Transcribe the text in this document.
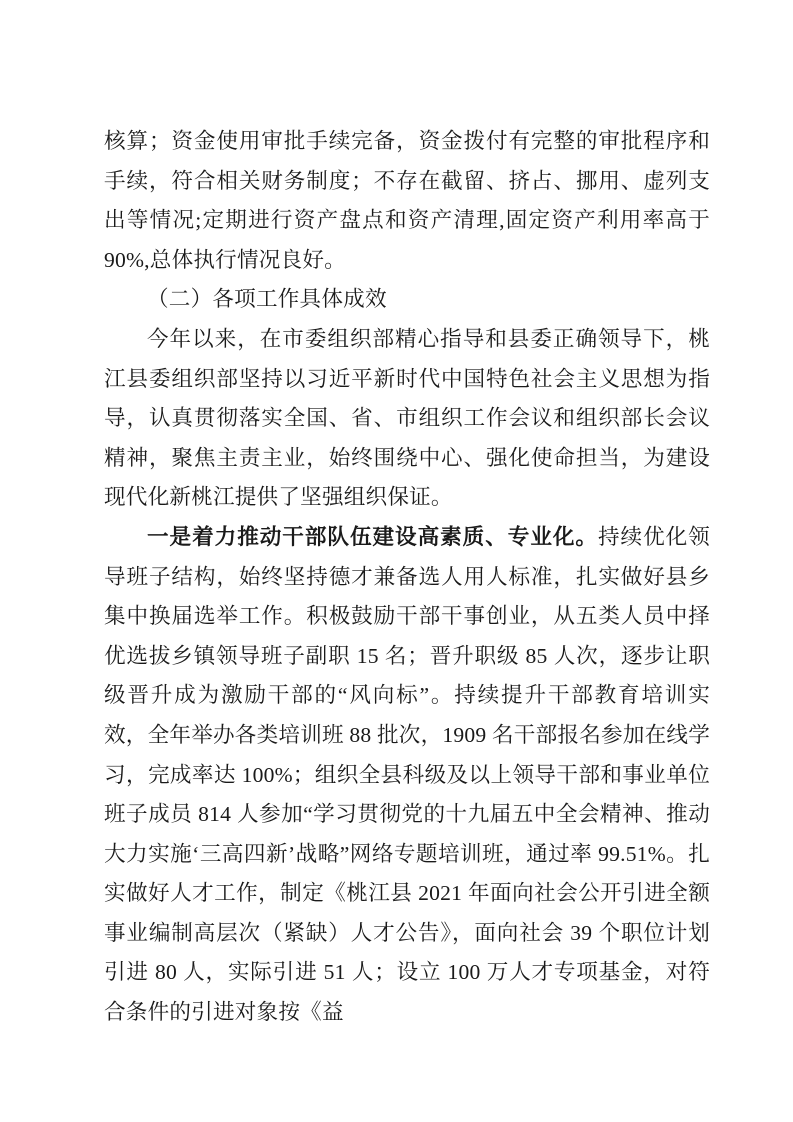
核算；资金使用审批手续完备，资金拨付有完整的审批程序和手续，符合相关财务制度；不存在截留、挤占、挪用、虚列支出等情况;定期进行资产盘点和资产清理,固定资产利用率高于 90%,总体执行情况良好。

（二）各项工作具体成效

今年以来，在市委组织部精心指导和县委正确领导下，桃江县委组织部坚持以习近平新时代中国特色社会主义思想为指导，认真贯彻落实全国、省、市组织工作会议和组织部长会议精神，聚焦主责主业，始终围绕中心、强化使命担当，为建设现代化新桃江提供了坚强组织保证。

一是着力推动干部队伍建设高素质、专业化。持续优化领导班子结构，始终坚持德才兼备选人用人标准，扎实做好县乡集中换届选举工作。积极鼓励干部干事创业，从五类人员中择优选拔乡镇领导班子副职 15 名；晋升职级 85 人次，逐步让职级晋升成为激励干部的“风向标”。持续提升干部教育培训实效，全年举办各类培训班 88 批次，1909 名干部报名参加在线学习，完成率达 100%；组织全县科级及以上领导干部和事业单位班子成员 814 人参加“学习贯彻党的十九届五中全会精神、推动大力实施‘三高四新’战略”网络专题培训班，通过率 99.51%。扎实做好人才工作，制定《桃江县 2021 年面向社会公开引进全额事业编制高层次（紧缺）人才公告》，面向社会 39 个职位计划引进 80 人，实际引进 51 人；设立 100 万人才专项基金，对符合条件的引进对象按《益
